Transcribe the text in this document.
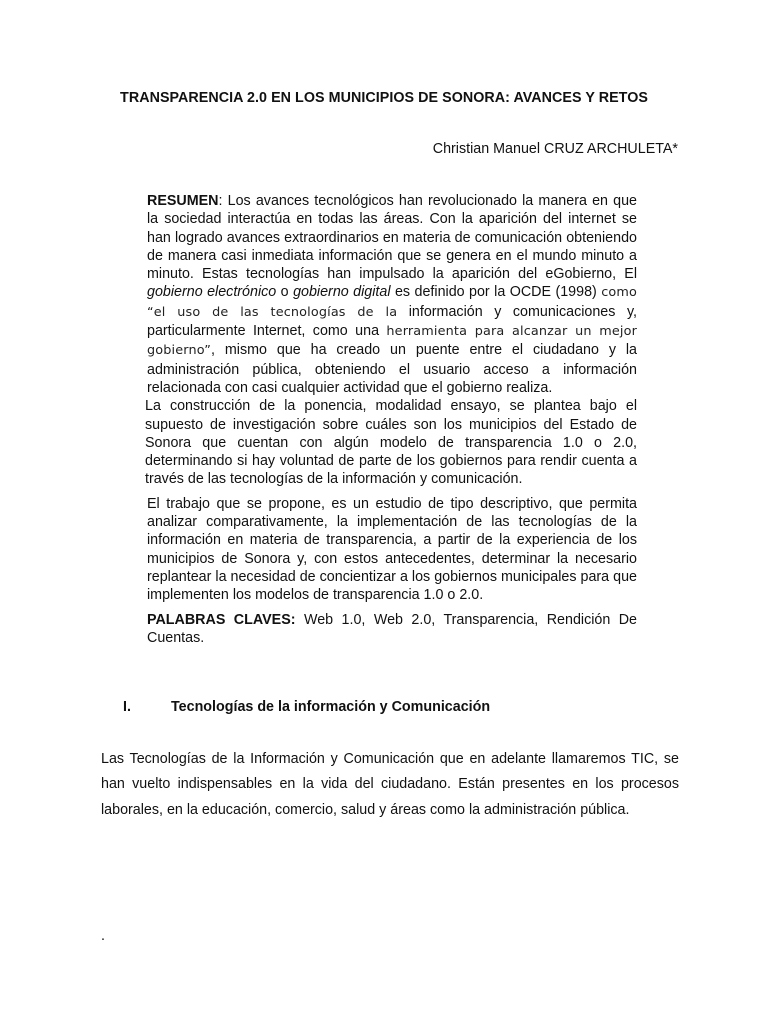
TRANSPARENCIA 2.0 EN LOS MUNICIPIOS DE SONORA: AVANCES Y RETOS
Christian Manuel CRUZ ARCHULETA*

RESUMEN: Los avances tecnológicos han revolucionado la manera en que la sociedad interactúa en todas las áreas. Con la aparición del internet se han logrado avances extraordinarios en materia de comunicación obteniendo de manera casi inmediata información que se genera en el mundo minuto a minuto. Estas tecnologías han impulsado la aparición del eGobierno, El gobierno electrónico o gobierno digital es definido por la OCDE (1998) como “el uso de las tecnologías de la información y comunicaciones y, particularmente Internet, como una herramienta para alcanzar un mejor gobierno”, mismo que ha creado un puente entre el ciudadano y la administración pública, obteniendo el usuario acceso a información relacionada con casi cualquier actividad que el gobierno realiza.

La construcción de la ponencia, modalidad ensayo, se plantea bajo el supuesto de investigación sobre cuáles son los municipios del Estado de Sonora que cuentan con algún modelo de transparencia 1.0 o 2.0, determinando si hay voluntad de parte de los gobiernos para rendir cuenta a través de las tecnologías de la información y comunicación.

El trabajo que se propone, es un estudio de tipo descriptivo, que permita analizar comparativamente, la implementación de las tecnologías de la información en materia de transparencia, a partir de la experiencia de los municipios de Sonora y, con estos antecedentes, determinar la necesario replantear la necesidad de concientizar a los gobiernos municipales para que implementen los modelos de transparencia 1.0 o 2.0.

PALABRAS CLAVES: Web 1.0, Web 2.0, Transparencia, Rendición De Cuentas.

I.	Tecnologías de la información y Comunicación

Las Tecnologías de la Información y Comunicación que en adelante llamaremos TIC, se han vuelto indispensables en la vida del ciudadano. Están presentes en los procesos laborales, en la educación, comercio, salud y áreas como la administración pública.

.
